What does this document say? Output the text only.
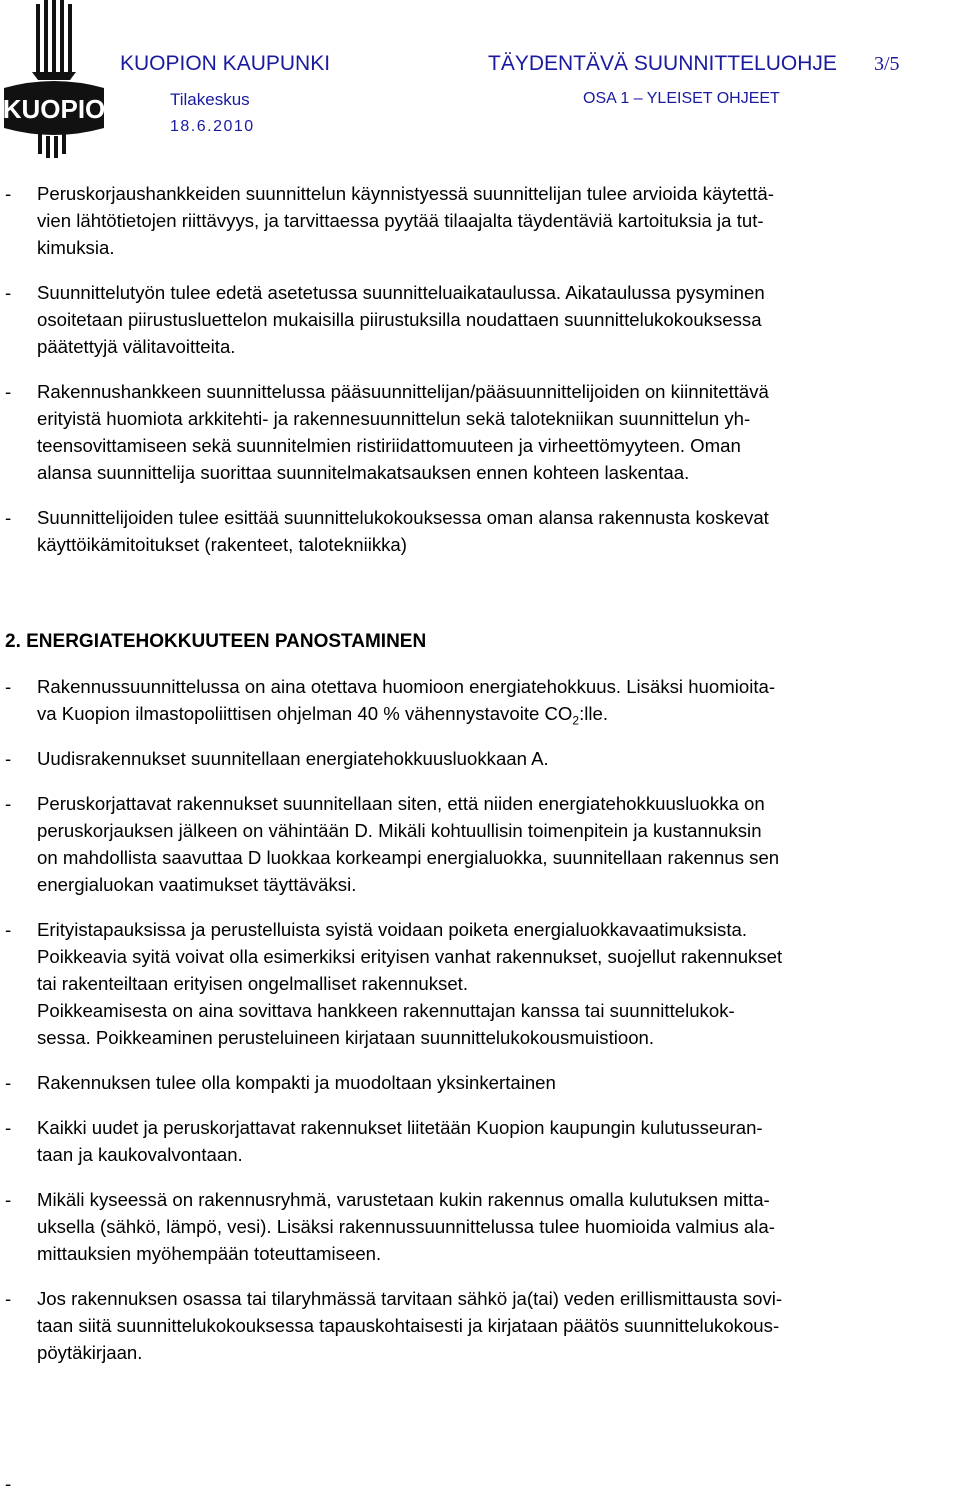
KUOPIO
KUOPION KAUPUNKI	TÄYDENTÄVÄ SUUNNITTELUOHJE 3/5
Tilakeskus	OSA 1 – YLEISET OHJEET
18.6.2010
- Peruskorjaushankkeiden suunnittelun käynnistyessä suunnittelijan tulee arvioida käytettä-
vien lähtötietojen riittävyys, ja tarvittaessa pyytää tilaajalta täydentäviä kartoituksia ja tut-
kimuksia.
- Suunnittelutyön tulee edetä asetetussa suunnitteluaikataulussa. Aikataulussa pysyminen
osoitetaan piirustusluettelon mukaisilla piirustuksilla noudattaen suunnittelukokouksessa
päätettyjä välitavoitteita.
- Rakennushankkeen suunnittelussa pääsuunnittelijan/pääsuunnittelijoiden on kiinnitettävä
erityistä huomiota arkkitehti- ja rakennesuunnittelun sekä talotekniikan suunnittelun yh-
teensovittamiseen sekä suunnitelmien ristiriidattomuuteen ja virheettömyyteen. Oman
alansa suunnittelija suorittaa suunnitelmakatsauksen ennen kohteen laskentaa.
- Suunnittelijoiden tulee esittää suunnittelukokouksessa oman alansa rakennusta koskevat
käyttöikämitoitukset (rakenteet, talotekniikka)
2. ENERGIATEHOKKUUTEEN PANOSTAMINEN
- Rakennussuunnittelussa on aina otettava huomioon energiatehokkuus. Lisäksi huomioita-
va Kuopion ilmastopoliittisen ohjelman 40 % vähennystavoite $CO_2:lle$.
- Uudisrakennukset suunnitellaan energiatehokkuusluokkaan A.
- Peruskorjattavat rakennukset suunnitellaan siten, että niiden energiatehokkuusluokka on
peruskorjauksen jälkeen on vähintään D. Mikäli kohtuullisin toimenpitein ja kustannuksin
on mahdollista saavuttaa D luokkaa korkeampi energialuokka, suunnitellaan rakennus sen
energialuokan vaatimukset täyttäväksi.
- Erityistapauksissa ja perustelluista syistä voidaan poiketa energialuokkavaatimuksista.
Poikkeavia syitä voivat olla esimerkiksi erityisen vanhat rakennukset, suojellut rakennukset
tai rakenteiltaan erityisen ongelmalliset rakennukset.
Poikkeamisesta on aina sovittava hankkeen rakennuttajan kanssa tai suunnittelukok-
sessa. Poikkeaminen perusteluineen kirjataan suunnittelukokousmuistioon.
- Rakennuksen tulee olla kompakti ja muodoltaan yksinkertainen
- Kaikki uudet ja peruskorjattavat rakennukset liitetään Kuopion kaupungin kulutusseuran-
taan ja kaukovalvontaan.
- Mikäli kyseessä on rakennusryhmä, varustetaan kukin rakennus omalla kulutuksen mitta-
uksella (sähkö, lämpö, vesi). Lisäksi rakennussuunnittelussa tulee huomioida valmius ala-
mittauksien myöhempään toteuttamiseen.
- Jos rakennuksen osassa tai tilaryhmässä tarvitaan sähkö ja(tai) veden erillismittausta sovi-
taan siitä suunnittelukokouksessa tapauskohtaisesti ja kirjataan päätös suunnittelukokous-
pöytäkirjaan.
-
